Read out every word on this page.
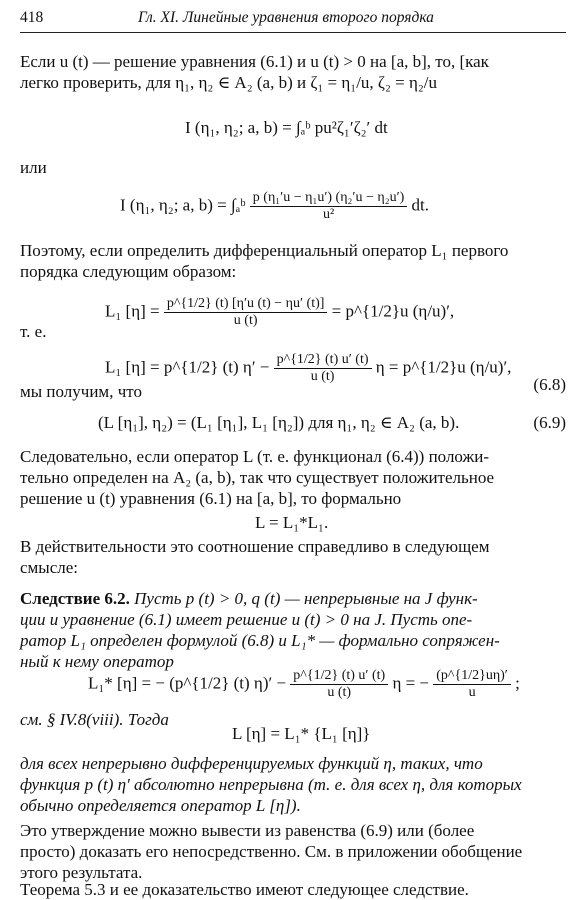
418	Гл. XI. Линейные уравнения второго порядка
Если u (t) — решение уравнения (6.1) и u (t) > 0 на [a, b], то, [как
легко проверить, для η₁, η₂ ∈ A₂ (a, b) и ζ₁ = η₁/u, ζ₂ = η₂/u
I (η₁, η₂; a, b) = ∫ₐᵇ pu²ζ₁′ζ₂′ dt
или
I (η₁, η₂; a, b) = ∫ₐᵇ $\frac{\text{p (η₁′u − η₁u′) (η₂′u − η₂u′)}}{\text{u²}}$ dt.
Поэтому, если определить дифференциальный оператор L₁ первого
порядка следующим образом:
L₁ $[\eta] = \frac{p\^{}\{1/2\} (t) [\eta'u (t) - \eta u' (t)]}{u (t)}$ = p^{1/2}u (η/u)′,
т. е.
L₁ [η] = p^{1/2} (t) $\eta' - \frac{p\^{}\{1/2\} (t) u' (t)}{u (t)}$ η = p^{1/2}u (η/u)′,
(6.8)
мы получим, что
(L [η₁], η₂) = (L₁ [η₁], L₁ [η₂]) для η₁, η₂ ∈ A₂ (a, b).	(6.9)
Следовательно, если оператор L (т. е. функционал (6.4)) положи-
тельно определен на A₂ (a, b), так что существует положительное
решение u (t) уравнения (6.1) на [a, b], то формально
L = L₁*L₁.
В действительности это соотношение справедливо в следующем
смысле:
Следствие 6.2. Пусть p (t) > 0, q (t) — непрерывные на J функ-
ции и уравнение (6.1) имеет решение u (t) > 0 на J. Пусть опе-
ратор L₁ определен формулой (6.8) и L₁* — формально сопряжен-
ный к нему оператор
L₁* [η] = − (p^{1/2} (t) $\eta)' - \frac{p\^{}\{1/2\} (t) u' (t)}{u (t)}$ η = − $\frac{(p\^{}\{1/2\}u\eta)'}{u}$ ;
см. § IV.8(viii). Тогда
L [η] = L₁* {L₁ [η]}
для всех непрерывно дифференцируемых функций η, таких, что
функция p (t) η′ абсолютно непрерывна (т. е. для всех η, для которых
обычно определяется оператор L [η]).
Это утверждение можно вывести из равенства (6.9) или (более
просто) доказать его непосредственно. См. в приложении обобщение
этого результата.
Теорема 5.3 и ее доказательство имеют следующее следствие.
